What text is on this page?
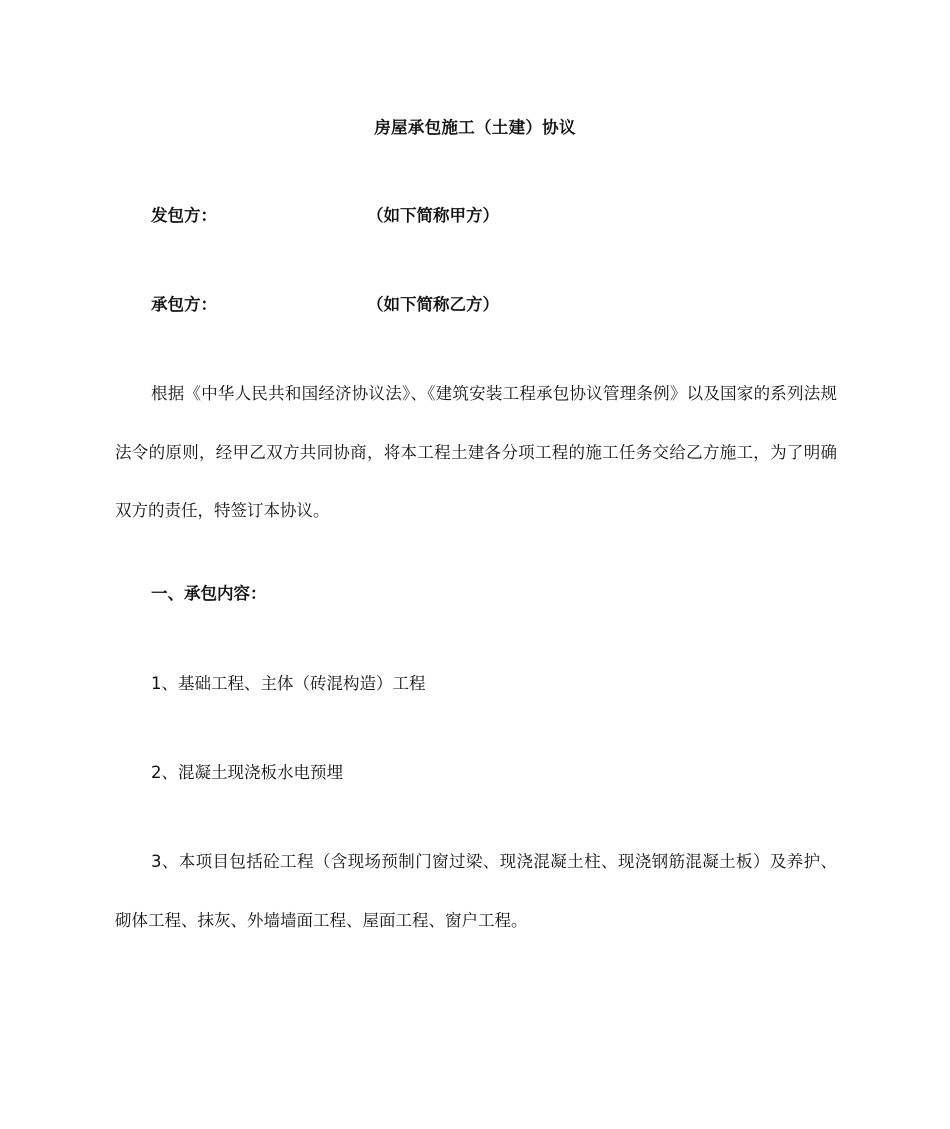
房屋承包施工（土建）协议
发包方：	（如下简称甲方）
承包方：	（如下简称乙方）

根据《中华人民共和国经济协议法》、《建筑安装工程承包协议管理条例》以及国家的系列法规法令的原则，经甲乙双方共同协商，将本工程土建各分项工程的施工任务交给乙方施工，为了明确双方的责任，特签订本协议。

一、承包内容：
1、基础工程、主体（砖混构造）工程
2、混凝土现浇板水电预埋

3、本项目包括砼工程（含现场预制门窗过梁、现浇混凝土柱、现浇钢筋混凝土板）及养护、 砌体工程、抹灰、外墙墙面工程、屋面工程、窗户工程。
